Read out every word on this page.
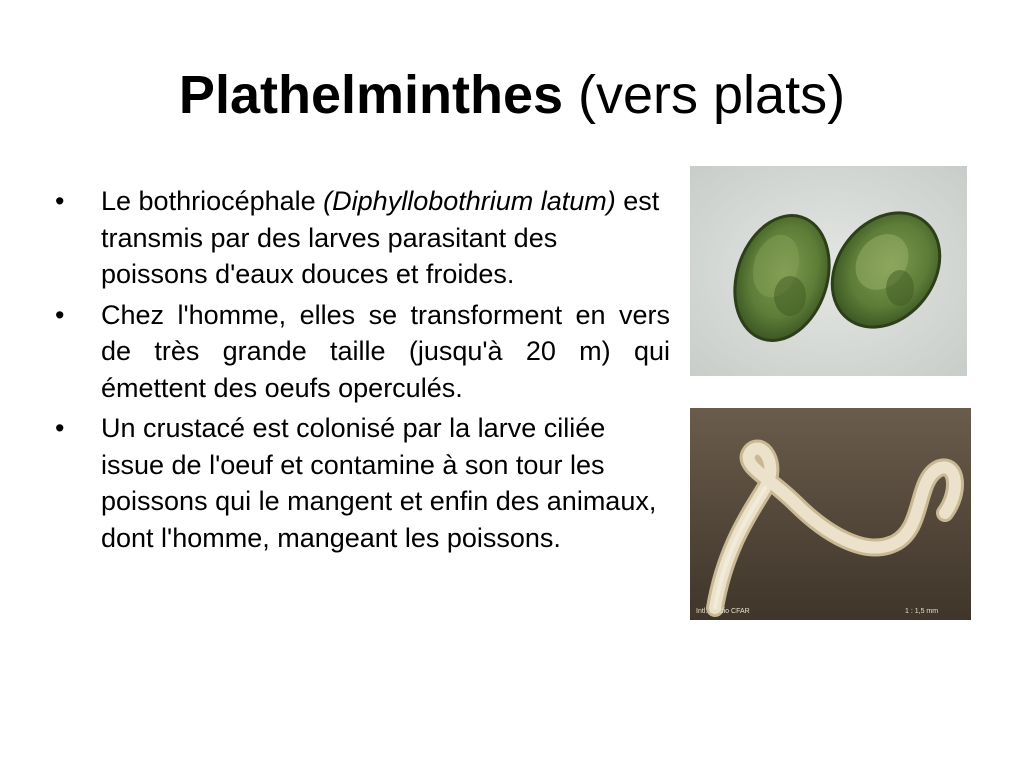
Plathelminthes (vers plats)
•	Le bothriocéphale (Diphyllobothrium latum) est transmis par des larves parasitant des poissons d'eaux douces et froides.
•	Chez l'homme, elles se transforment en vers de très grande taille (jusqu'à 20 m) qui émettent des oeufs operculés.
•	Un crustacé est colonisé par la larve ciliée issue de l'oeuf et contamine à son tour les poissons qui le mangent et enfin des animaux, dont l'homme, mangeant les poissons.
Intl. Studio CFAR	1 : 1,5 mm
